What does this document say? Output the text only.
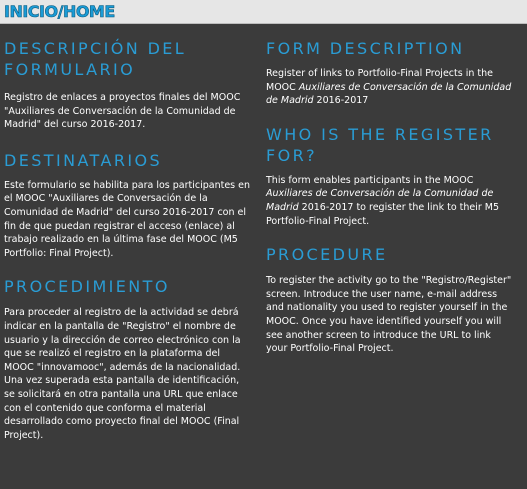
INICIO/HOME
DESCRIPCIÓN DEL FORMULARIO

Registro de enlaces a proyectos finales del MOOC "Auxiliares de Conversación de la Comunidad de Madrid" del curso 2016-2017.

DESTINATARIOS

Este formulario se habilita para los participantes en el MOOC "Auxiliares de Conversación de la Comunidad de Madrid" del curso 2016-2017 con el fin de que puedan registrar el acceso (enlace) al trabajo realizado en la última fase del MOOC (M5 Portfolio: Final Project).

PROCEDIMIENTO

Para proceder al registro de la actividad se debrá indicar en la pantalla de "Registro" el nombre de usuario y la dirección de correo electrónico con la que se realizó el registro en la plataforma del MOOC "innovamooc", además de la nacionalidad. Una vez superada esta pantalla de identificación, se solicitará en otra pantalla una URL que enlace con el contenido que conforma el material desarrollado como proyecto final del MOOC (Final Project).

FORM DESCRIPTION

Register of links to Portfolio-Final Projects in the MOOC Auxiliares de Conversación de la Comunidad de Madrid 2016-2017

WHO IS THE REGISTER FOR?

This form enables participants in the MOOC Auxiliares de Conversación de la Comunidad de Madrid 2016-2017 to register the link to their M5 Portfolio-Final Project.

PROCEDURE

To register the activity go to the "Registro/Register" screen. Introduce the user name, e-mail address and nationality you used to register yourself in the MOOC. Once you have identified yourself you will see another screen to introduce the URL to link your Portfolio-Final Project.
